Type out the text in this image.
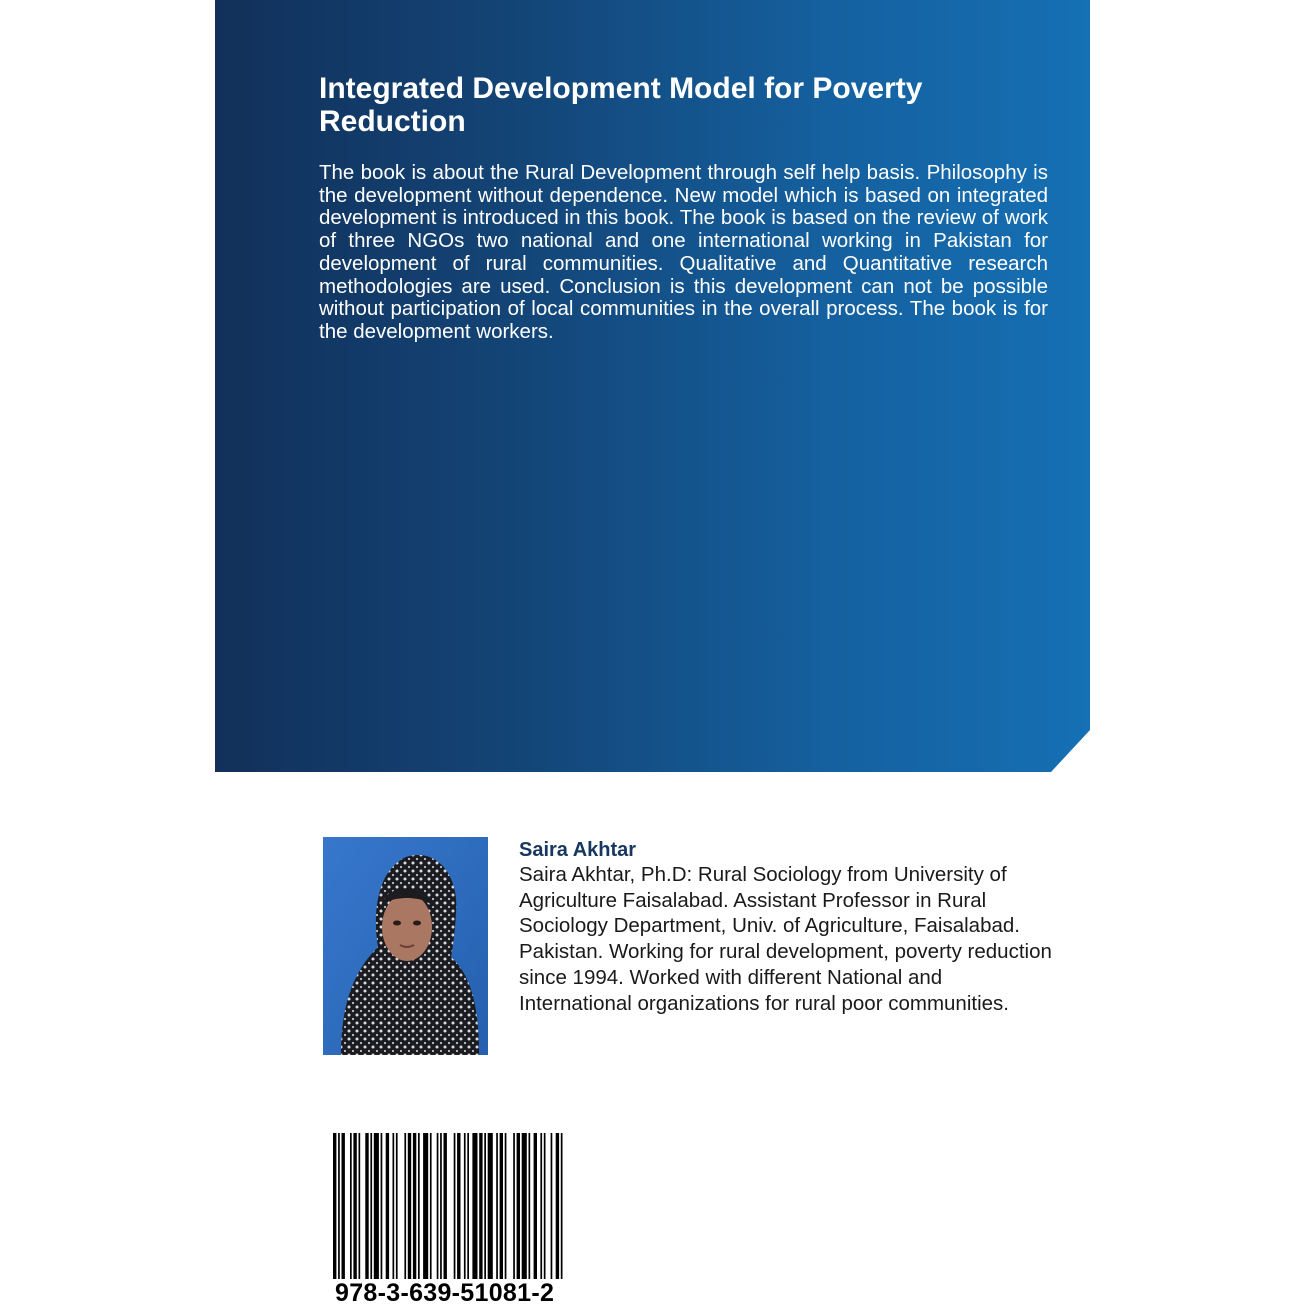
Integrated Development Model for Poverty Reduction

The book is about the Rural Development through self help basis. Philosophy is the development without dependence. New model which is based on integrated development is introduced in this book. The book is based on the review of work of three NGOs two national and one international working in Pakistan for development of rural communities. Qualitative and Quantitative research methodologies are used. Conclusion is this development can not be possible without participation of local communities in the overall process. The book is for the development workers.

Saira Akhtar

Saira Akhtar, Ph.D: Rural Sociology from University of Agriculture Faisalabad. Assistant Professor in Rural Sociology Department, Univ. of Agriculture, Faisalabad. Pakistan. Working for rural development, poverty reduction since 1994. Worked with different National and International organizations for rural poor communities.

978-3-639-51081-2
